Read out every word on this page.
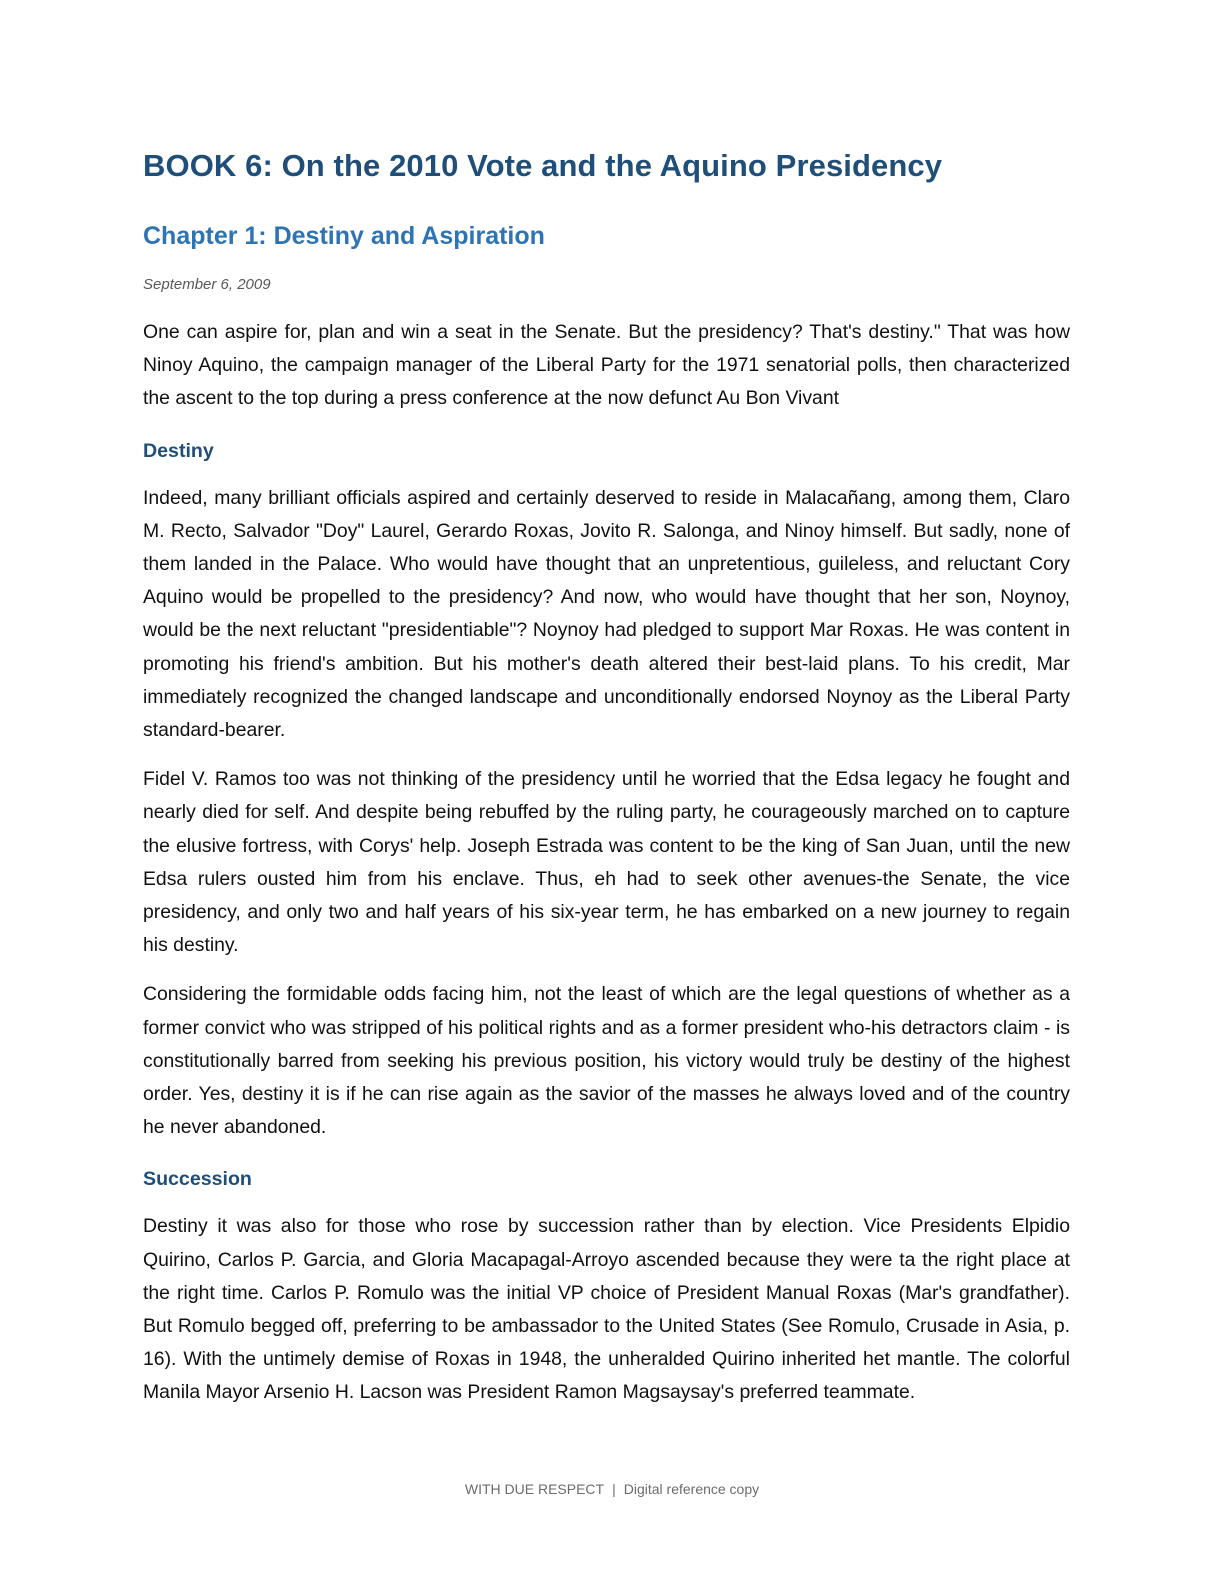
BOOK 6: On the 2010 Vote and the Aquino Presidency
Chapter 1: Destiny and Aspiration
September 6, 2009

One can aspire for, plan and win a seat in the Senate. But the presidency? That's destiny." That was how Ninoy Aquino, the campaign manager of the Liberal Party for the 1971 senatorial polls, then characterized the ascent to the top during a press conference at the now defunct Au Bon Vivant

Destiny

Indeed, many brilliant officials aspired and certainly deserved to reside in Malacañang, among them, Claro M. Recto, Salvador "Doy" Laurel, Gerardo Roxas, Jovito R. Salonga, and Ninoy himself. But sadly, none of them landed in the Palace. Who would have thought that an unpretentious, guileless, and reluctant Cory Aquino would be propelled to the presidency? And now, who would have thought that her son, Noynoy, would be the next reluctant "presidentiable"? Noynoy had pledged to support Mar Roxas. He was content in promoting his friend's ambition. But his mother's death altered their best-laid plans. To his credit, Mar immediately recognized the changed landscape and unconditionally endorsed Noynoy as the Liberal Party standard-bearer.

Fidel V. Ramos too was not thinking of the presidency until he worried that the Edsa legacy he fought and nearly died for self. And despite being rebuffed by the ruling party, he courageously marched on to capture the elusive fortress, with Corys' help. Joseph Estrada was content to be the king of San Juan, until the new Edsa rulers ousted him from his enclave. Thus, eh had to seek other avenues-the Senate, the vice presidency, and only two and half years of his six-year term, he has embarked on a new journey to regain his destiny.

Considering the formidable odds facing him, not the least of which are the legal questions of whether as a former convict who was stripped of his political rights and as a former president who-his detractors claim - is constitutionally barred from seeking his previous position, his victory would truly be destiny of the highest order. Yes, destiny it is if he can rise again as the savior of the masses he always loved and of the country he never abandoned.

Succession

Destiny it was also for those who rose by succession rather than by election. Vice Presidents Elpidio Quirino, Carlos P. Garcia, and Gloria Macapagal-Arroyo ascended because they were ta the right place at the right time. Carlos P. Romulo was the initial VP choice of President Manual Roxas (Mar's grandfather). But Romulo begged off, preferring to be ambassador to the United States (See Romulo, Crusade in Asia, p. 16). With the untimely demise of Roxas in 1948, the unheralded Quirino inherited het mantle. The colorful Manila Mayor Arsenio H. Lacson was President Ramon Magsaysay's preferred teammate.

WITH DUE RESPECT | Digital reference copy
